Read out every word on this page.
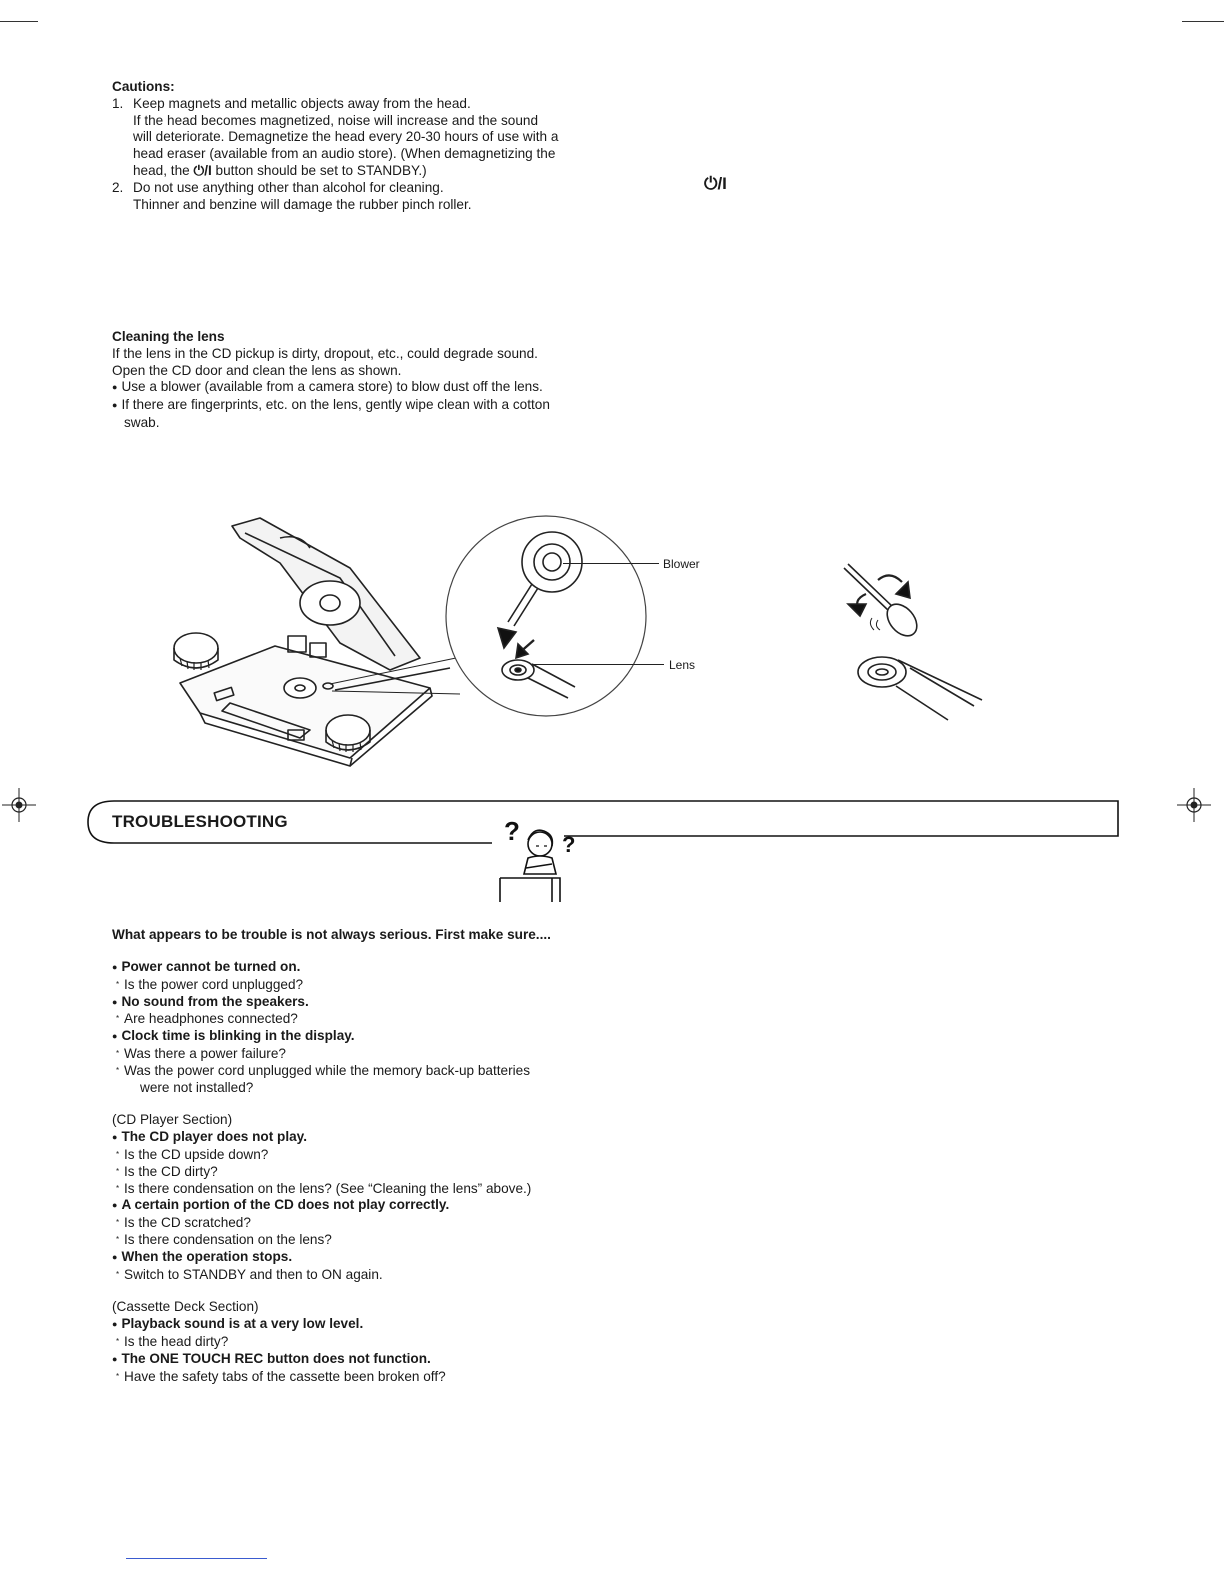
Cautions:
1. Keep magnets and metallic objects away from the head.
If the head becomes magnetized, noise will increase and the sound
will deteriorate. Demagnetize the head every 20-30 hours of use with a
head eraser (available from an audio store). (When demagnetizing the
head, the ⏻/I button should be set to STANDBY.)
2. Do not use anything other than alcohol for cleaning.
Thinner and benzine will damage the rubber pinch roller.
⏻/I
Cleaning the lens
If the lens in the CD pickup is dirty, dropout, etc., could degrade sound.
Open the CD door and clean the lens as shown.
● Use a blower (available from a camera store) to blow dust off the lens.
● If there are fingerprints, etc. on the lens, gently wipe clean with a cotton
swab.
Blower
Lens
TROUBLESHOOTING	? ?
What appears to be trouble is not always serious. First make sure....
● Power cannot be turned on.
* Is the power cord unplugged?
● No sound from the speakers.
* Are headphones connected?
● Clock time is blinking in the display.
* Was there a power failure?
* Was the power cord unplugged while the memory back-up batteries
were not installed?
(CD Player Section)
● The CD player does not play.
* Is the CD upside down?
* Is the CD dirty?
* Is there condensation on the lens? (See “Cleaning the lens” above.)
● A certain portion of the CD does not play correctly.
* Is the CD scratched?
* Is there condensation on the lens?
● When the operation stops.
* Switch to STANDBY and then to ON again.
(Cassette Deck Section)
● Playback sound is at a very low level.
* Is the head dirty?
● The ONE TOUCH REC button does not function.
* Have the safety tabs of the cassette been broken off?
